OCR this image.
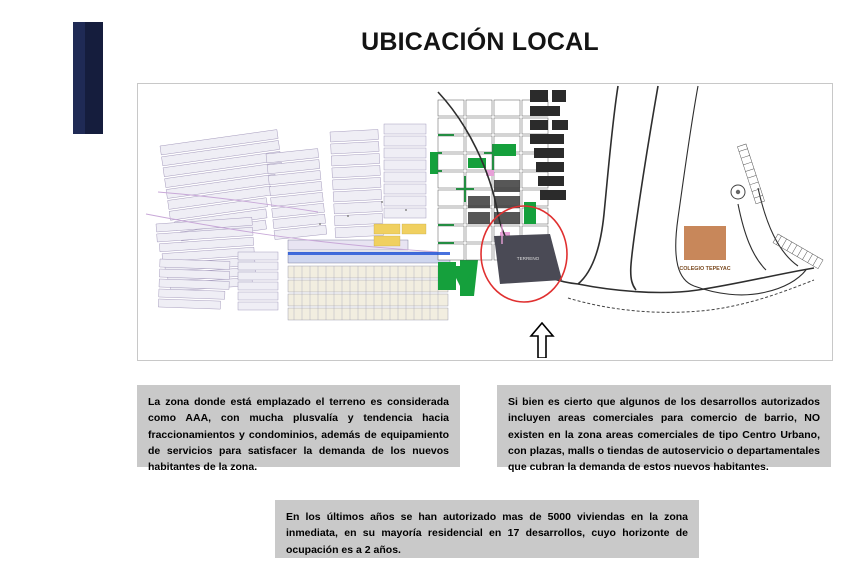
UBICACIÓN LOCAL
COLEGIO TEPEYAC
TERRENO

La zona donde está emplazado el terreno es considerada como AAA, con mucha plusvalía y tendencia hacia fraccionamientos y condominios, además de equipamiento de servicios para satisfacer la demanda de los nuevos habitantes de la zona.

Si bien es cierto que algunos de los desarrollos autorizados incluyen areas comerciales para comercio de barrio, NO existen en la zona areas comerciales de tipo Centro Urbano, con plazas, malls o tiendas de autoservicio o departamentales que cubran la demanda de estos nuevos habitantes.

En los últimos años se han autorizado mas de 5000 viviendas en la zona inmediata, en su mayoría residencial en 17 desarrollos, cuyo horizonte de ocupación es a 2 años.
